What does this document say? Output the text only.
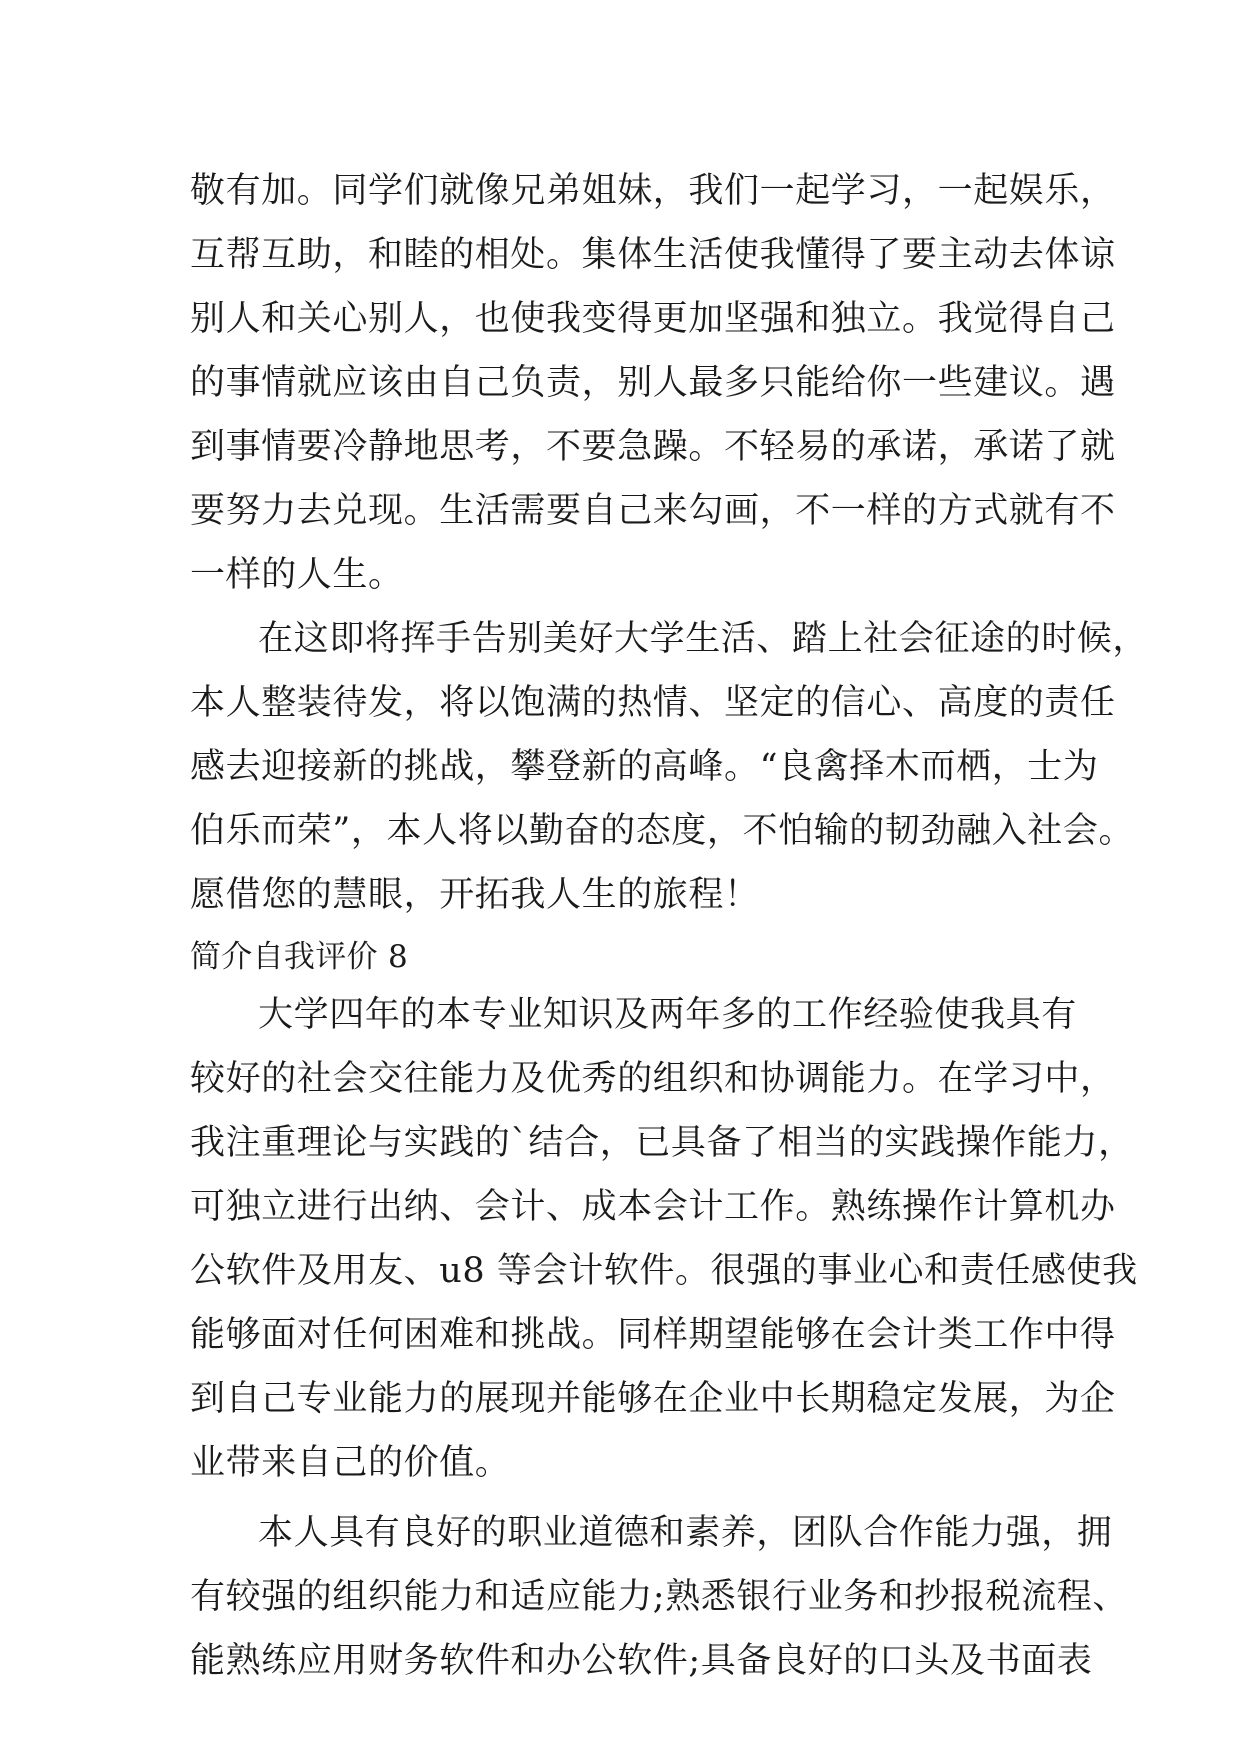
敬有加。同学们就像兄弟姐妹，我们一起学习，一起娱乐，

互帮互助，和睦的相处。集体生活使我懂得了要主动去体谅

别人和关心别人，也使我变得更加坚强和独立。我觉得自己

的事情就应该由自己负责，别人最多只能给你一些建议。遇

到事情要冷静地思考，不要急躁。不轻易的承诺，承诺了就

要努力去兑现。生活需要自己来勾画，不一样的方式就有不

一样的人生。

在这即将挥手告别美好大学生活、踏上社会征途的时候，

本人整装待发，将以饱满的热情、坚定的信心、高度的责任

感去迎接新的挑战，攀登新的高峰。“良禽择木而栖，士为

伯乐而荣”，本人将以勤奋的态度，不怕输的韧劲融入社会。

愿借您的慧眼，开拓我人生的旅程！

简介自我评价 8

大学四年的本专业知识及两年多的工作经验使我具有

较好的社会交往能力及优秀的组织和协调能力。在学习中，

我注重理论与实践的`结合，已具备了相当的实践操作能力，

可独立进行出纳、会计、成本会计工作。熟练操作计算机办

公软件及用友、u8 等会计软件。很强的事业心和责任感使我

能够面对任何困难和挑战。同样期望能够在会计类工作中得

到自己专业能力的展现并能够在企业中长期稳定发展，为企

业带来自己的价值。

本人具有良好的职业道德和素养，团队合作能力强，拥

有较强的组织能力和适应能力;熟悉银行业务和抄报税流程、

能熟练应用财务软件和办公软件;具备良好的口头及书面表
